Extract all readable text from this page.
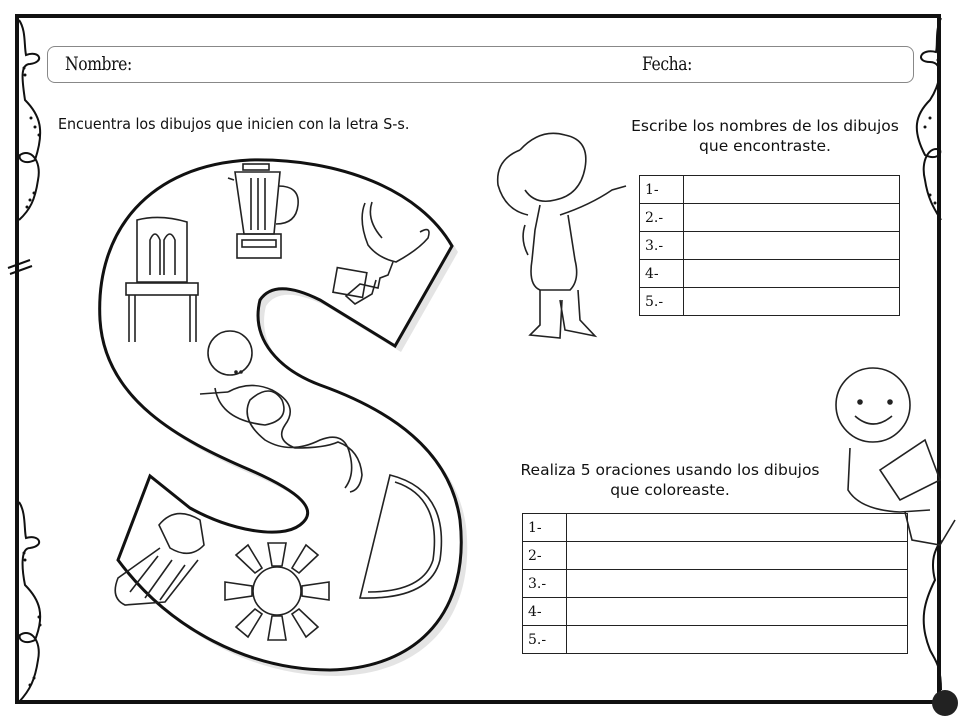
Nombre:	Fecha:
Encuentra los dibujos que inicien con la letra S-s.	Escribe los nombres de los dibujos que encontraste.
Realiza 5 oraciones usando los dibujos que coloreaste.
1-	
2.-	
3.-	
4-	
5.-	
1-	
2-	
3.-	
4-	
5.-	
